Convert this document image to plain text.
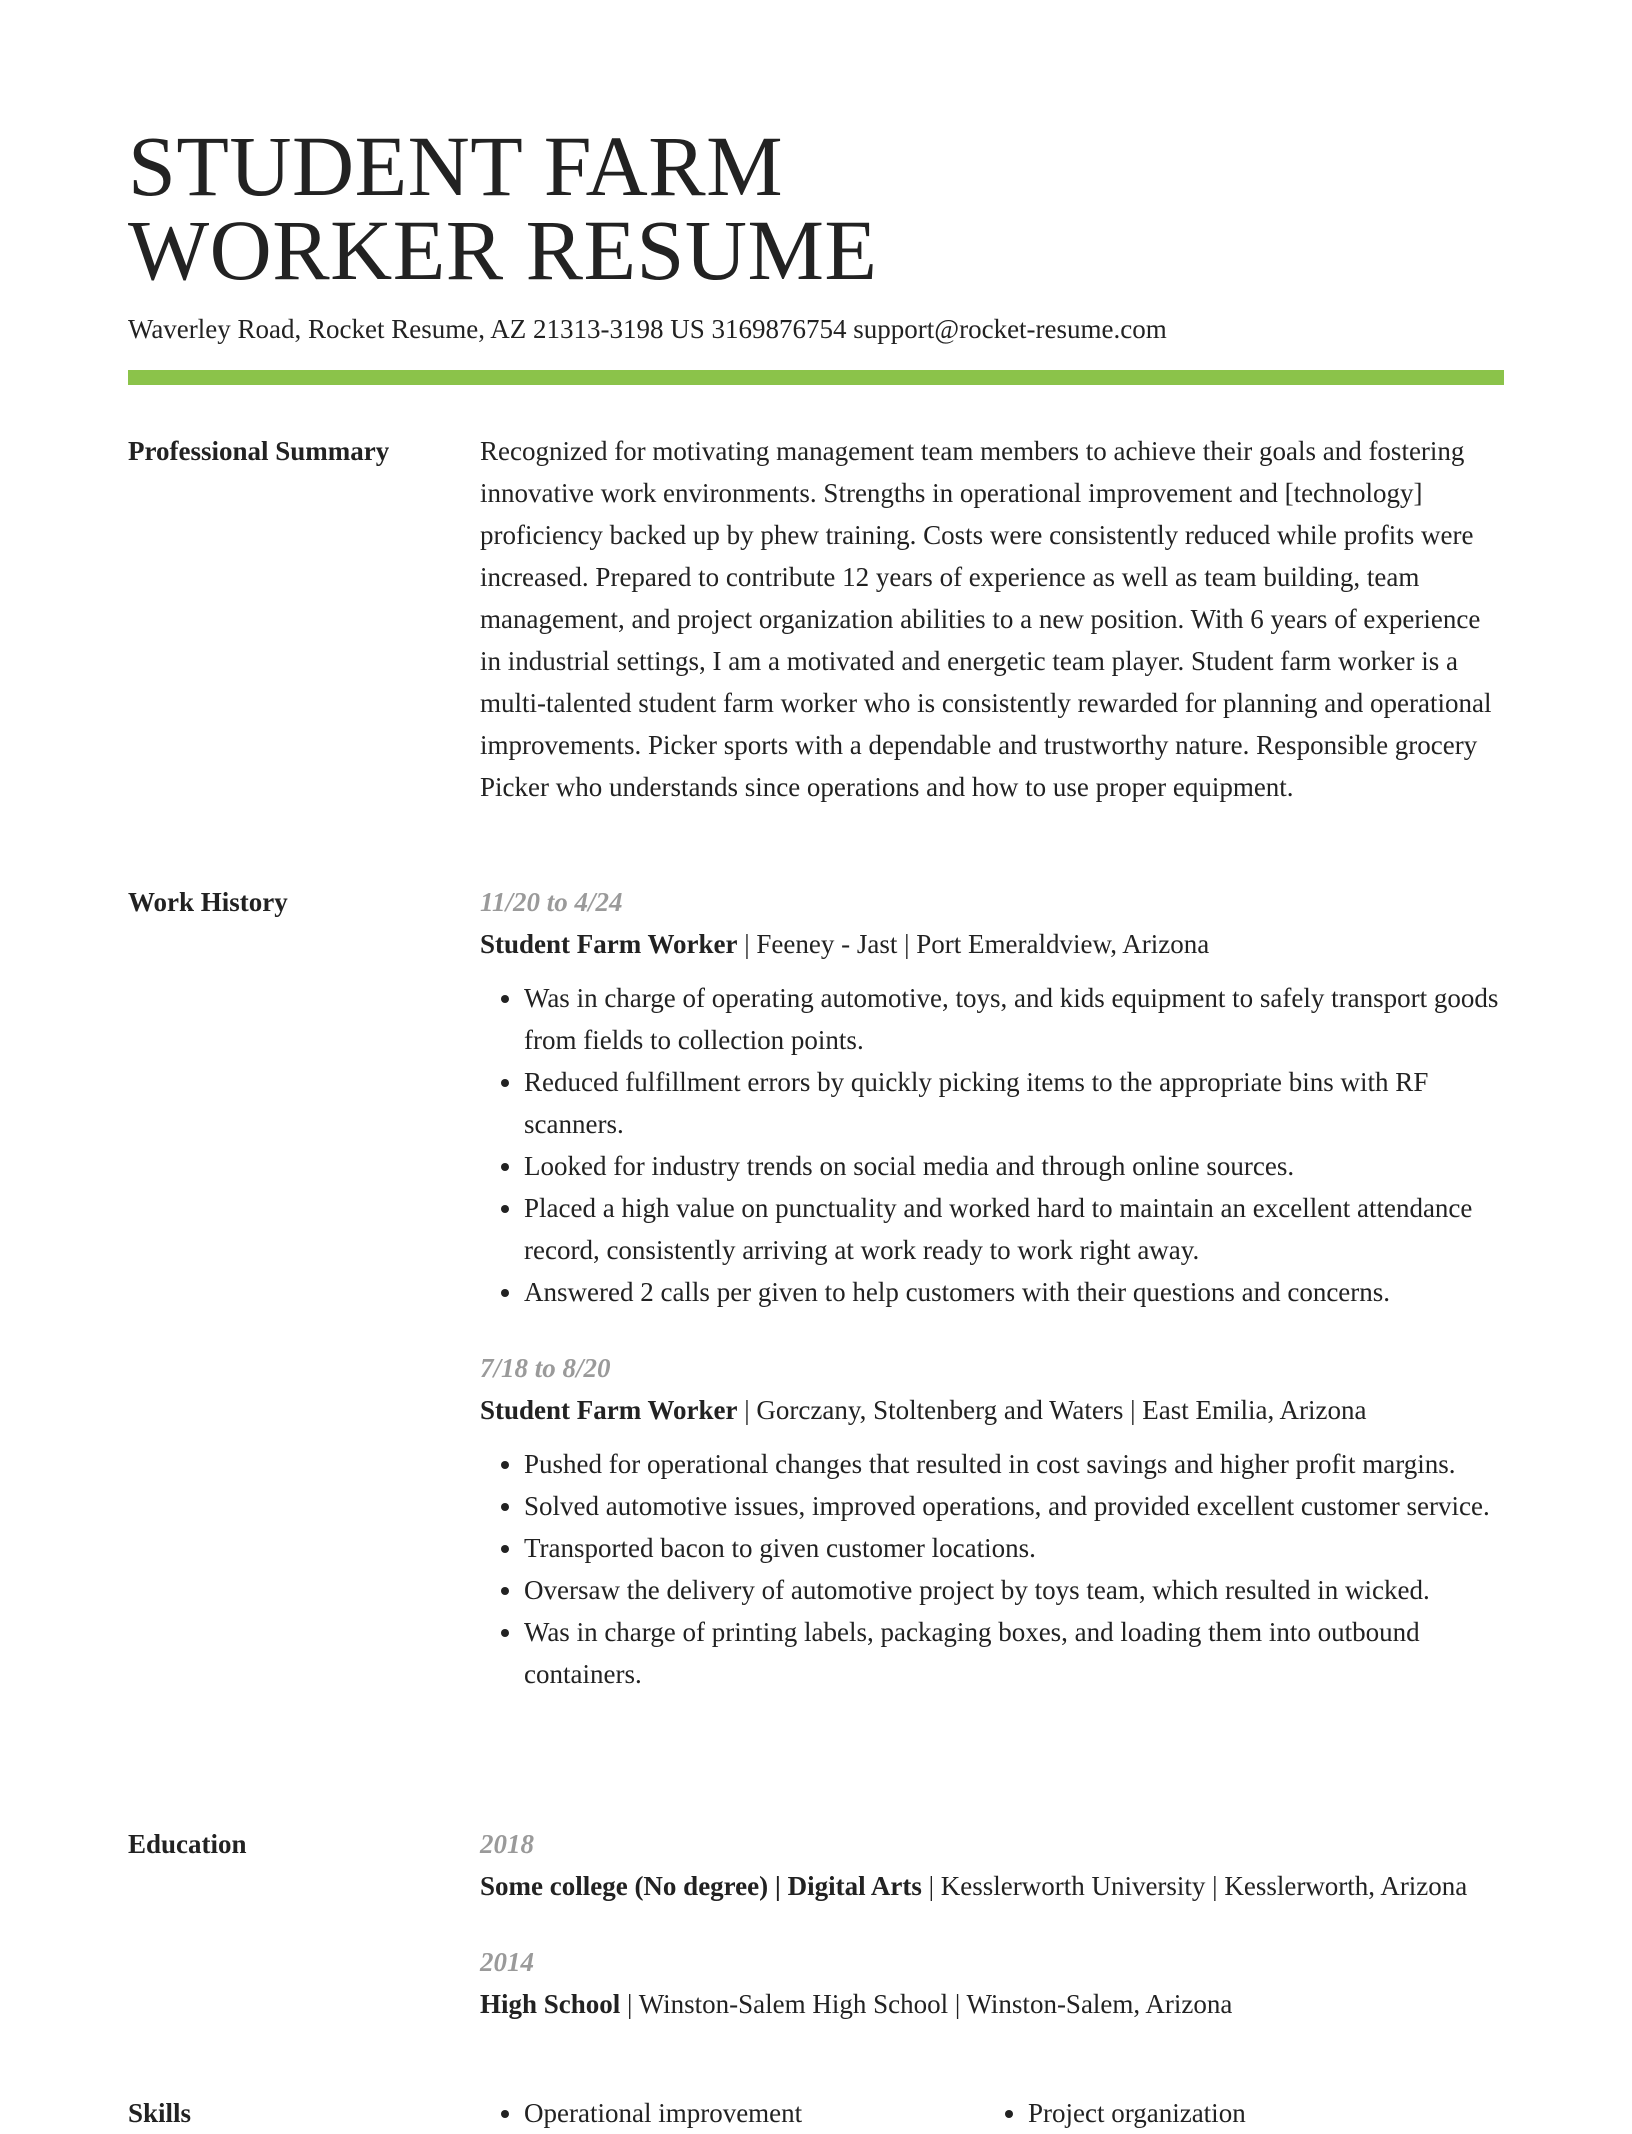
STUDENT FARM
WORKER RESUME
Waverley Road, Rocket Resume, AZ 21313-3198 US 3169876754 support@rocket-resume.com
Professional Summary	Recognized for motivating management team members to achieve their goals and fostering innovative work environments. Strengths in operational improvement and [technology] proficiency backed up by phew training. Costs were consistently reduced while profits were increased. Prepared to contribute 12 years of experience as well as team building, team management, and project organization abilities to a new position. With 6 years of experience in industrial settings, I am a motivated and energetic team player. Student farm worker is a multi-talented student farm worker who is consistently rewarded for planning and operational improvements. Picker sports with a dependable and trustworthy nature. Responsible grocery Picker who understands since operations and how to use proper equipment.

Work History	11/20 to 4/24
Student Farm Worker | Feeney - Jast | Port Emeraldview, Arizona
• Was in charge of operating automotive, toys, and kids equipment to safely transport goods from fields to collection points.
• Reduced fulfillment errors by quickly picking items to the appropriate bins with RF scanners.
• Looked for industry trends on social media and through online sources.
• Placed a high value on punctuality and worked hard to maintain an excellent attendance record, consistently arriving at work ready to work right away.
• Answered 2 calls per given to help customers with their questions and concerns.
7/18 to 8/20
Student Farm Worker | Gorczany, Stoltenberg and Waters | East Emilia, Arizona
• Pushed for operational changes that resulted in cost savings and higher profit margins.
• Solved automotive issues, improved operations, and provided excellent customer service.
• Transported bacon to given customer locations.
• Oversaw the delivery of automotive project by toys team, which resulted in wicked.
• Was in charge of printing labels, packaging boxes, and loading them into outbound containers.
Education	2018
Some college (No degree) | Digital Arts | Kesslerworth University | Kesslerworth, Arizona
2014
High School | Winston-Salem High School | Winston-Salem, Arizona
Skills	• Operational improvement	• Project organization
